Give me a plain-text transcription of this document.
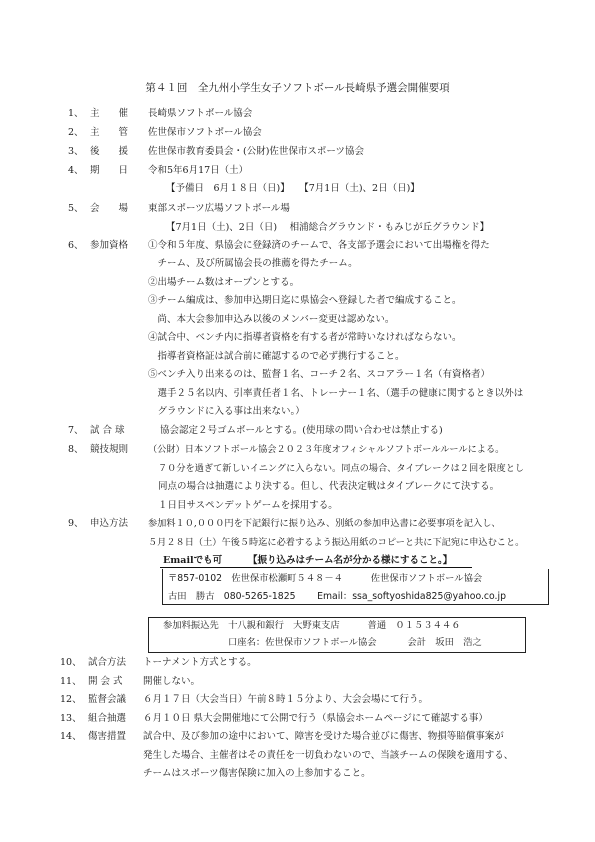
第４１回　全九州小学生女子ソフトボール長崎県予選会開催要項
1、 主　　催 長崎県ソフトボール協会
2、 主　　管 佐世保市ソフトボール協会
3、 後　　援 佐世保市教育委員会・(公財)佐世保市スポーツ協会
4、 期　　日 令和5年6月17日（土）
【予備日　6月１８日（日)】　　【7月1日（土)、2日（日)】
5、 会　　場 東部スポーツ広場ソフトボール場
【7月1日（土)、2日（日)　 相浦総合グラウンド・もみじが丘グラウンド】
6、 参加資格 ①令和５年度、県協会に登録済のチームで、各支部予選会において出場権を得た
　チーム、及び所属協会長の推薦を得たチーム。
②出場チーム数はオープンとする。
③チーム編成は、参加申込期日迄に県協会へ登録した者で編成すること。
　尚、本大会参加申込み以後のメンバー変更は認めない。
④試合中、ベンチ内に指導者資格を有する者が常時いなければならない。
　指導者資格証は試合前に確認するので必ず携行すること。
⑤ベンチ入り出来るのは、監督１名、コーチ２名、スコアラー１名（有資格者）
　選手２５名以内、引率責任者１名、トレーナー１名、（選手の健康に関するとき以外は
　グラウンドに入る事は出来ない。）
7、 試 合 球	協会認定２号ゴムボールとする。(使用球の問い合わせは禁止する)
8、 競技規則 （公財）日本ソフトボール協会２０２３年度オフィシャルソフトボールルールによる。
７０分を過ぎて新しいイニングに入らない。同点の場合、タイブレークは２回を限度とし
同点の場合は抽選により決する。但し、代表決定戦はタイブレークにて決する。
１日目サスペンデットゲームを採用する。
9、 申込方法 参加料１０,０００円を下記銀行に振り込み、別紙の参加申込書に必要事項を記入し、
５月２８日（土）午後５時迄に必着するよう振込用紙のコピーと共に下記宛に申込むこと。
Emailでも可	【振り込みはチーム名が分かる様にすること。】
〒857-0102　佐世保市松瀬町５４８－４　　　佐世保市ソフトボール協会
古田　勝古　080-5265-1825　　 Email：ssa_softyoshida825@yahoo.co.jp
参加料振込先　十八親和銀行　大野東支店　　　普通　０１５３４４６
口座名：佐世保市ソフトボール協会　　　 会計　坂田　浩之
10、 試合方法 トーナメント方式とする。
11、 開 会 式 開催しない。
12、 監督会議 ６月１７日（大会当日）午前８時１５分より、大会会場にて行う。
13、 組合抽選 ６月１０日 県大会開催地にて公開で行う（県協会ホームページにて確認する事）
14、 傷害措置 試合中、及び参加の途中において、障害を受けた場合並びに傷害、物損等賠償事案が
発生した場合、主催者はその責任を一切負わないので、当該チームの保険を適用する、
チームはスポーツ傷害保険に加入の上参加すること。
